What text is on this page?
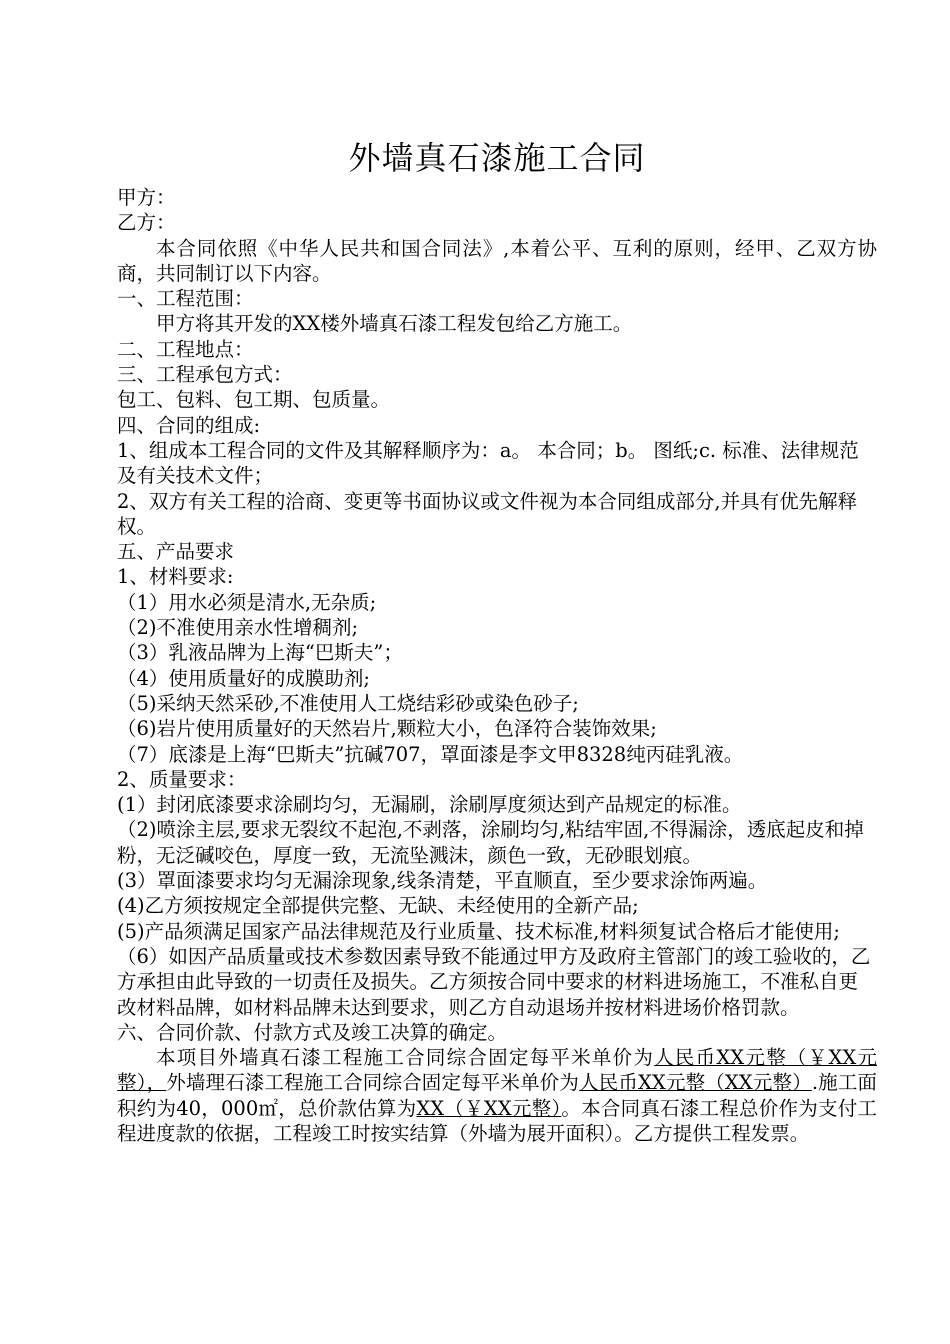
外墙真石漆施工合同
甲方：
乙方：
本合同依照《中华人民共和国合同法》,本着公平、互利的原则，经甲、乙双方协商，共同制订以下内容。
一、工程范围：
甲方将其开发的XX楼外墙真石漆工程发包给乙方施工。
二、工程地点：
三、工程承包方式：
包工、包料、包工期、包质量。
四、合同的组成:
1、组成本工程合同的文件及其解释顺序为：a。 本合同；b。 图纸;c. 标准、法律规范及有关技术文件；
2、双方有关工程的洽商、变更等书面协议或文件视为本合同组成部分,并具有优先解释权。
五、产品要求
1、材料要求:
（1）用水必须是清水,无杂质;
（2)不准使用亲水性增稠剂;
（3）乳液品牌为上海“巴斯夫”；
（4）使用质量好的成膜助剂;
（5)采纳天然采砂,不准使用人工烧结彩砂或染色砂子;
（6)岩片使用质量好的天然岩片,颗粒大小，色泽符合装饰效果;
（7）底漆是上海“巴斯夫”抗碱707，罩面漆是李文甲8328纯丙硅乳液。
2、质量要求：
(1）封闭底漆要求涂刷均匀，无漏刷，涂刷厚度须达到产品规定的标准。
（2)喷涂主层,要求无裂纹不起泡,不剥落，涂刷均匀,粘结牢固,不得漏涂，透底起皮和掉粉，无泛碱咬色，厚度一致，无流坠溅沫，颜色一致，无砂眼划痕。
(3）罩面漆要求均匀无漏涂现象,线条清楚，平直顺直，至少要求涂饰两遍。
(4)乙方须按规定全部提供完整、无缺、未经使用的全新产品;
(5)产品须满足国家产品法律规范及行业质量、技术标准,材料须复试合格后才能使用;
（6）如因产品质量或技术参数因素导致不能通过甲方及政府主管部门的竣工验收的，乙方承担由此导致的一切责任及损失。乙方须按合同中要求的材料进场施工，不准私自更改材料品牌，如材料品牌未达到要求，则乙方自动退场并按材料进场价格罚款。
六、合同价款、付款方式及竣工决算的确定。
本项目外墙真石漆工程施工合同综合固定每平米单价为人民币XX元整（￥XX元整），外墙理石漆工程施工合同综合固定每平米单价为人民币XX元整（XX元整）.施工面积约为40，000㎡，总价款估算为XX（￥XX元整）。本合同真石漆工程总价作为支付工程进度款的依据，工程竣工时按实结算（外墙为展开面积）。乙方提供工程发票。
